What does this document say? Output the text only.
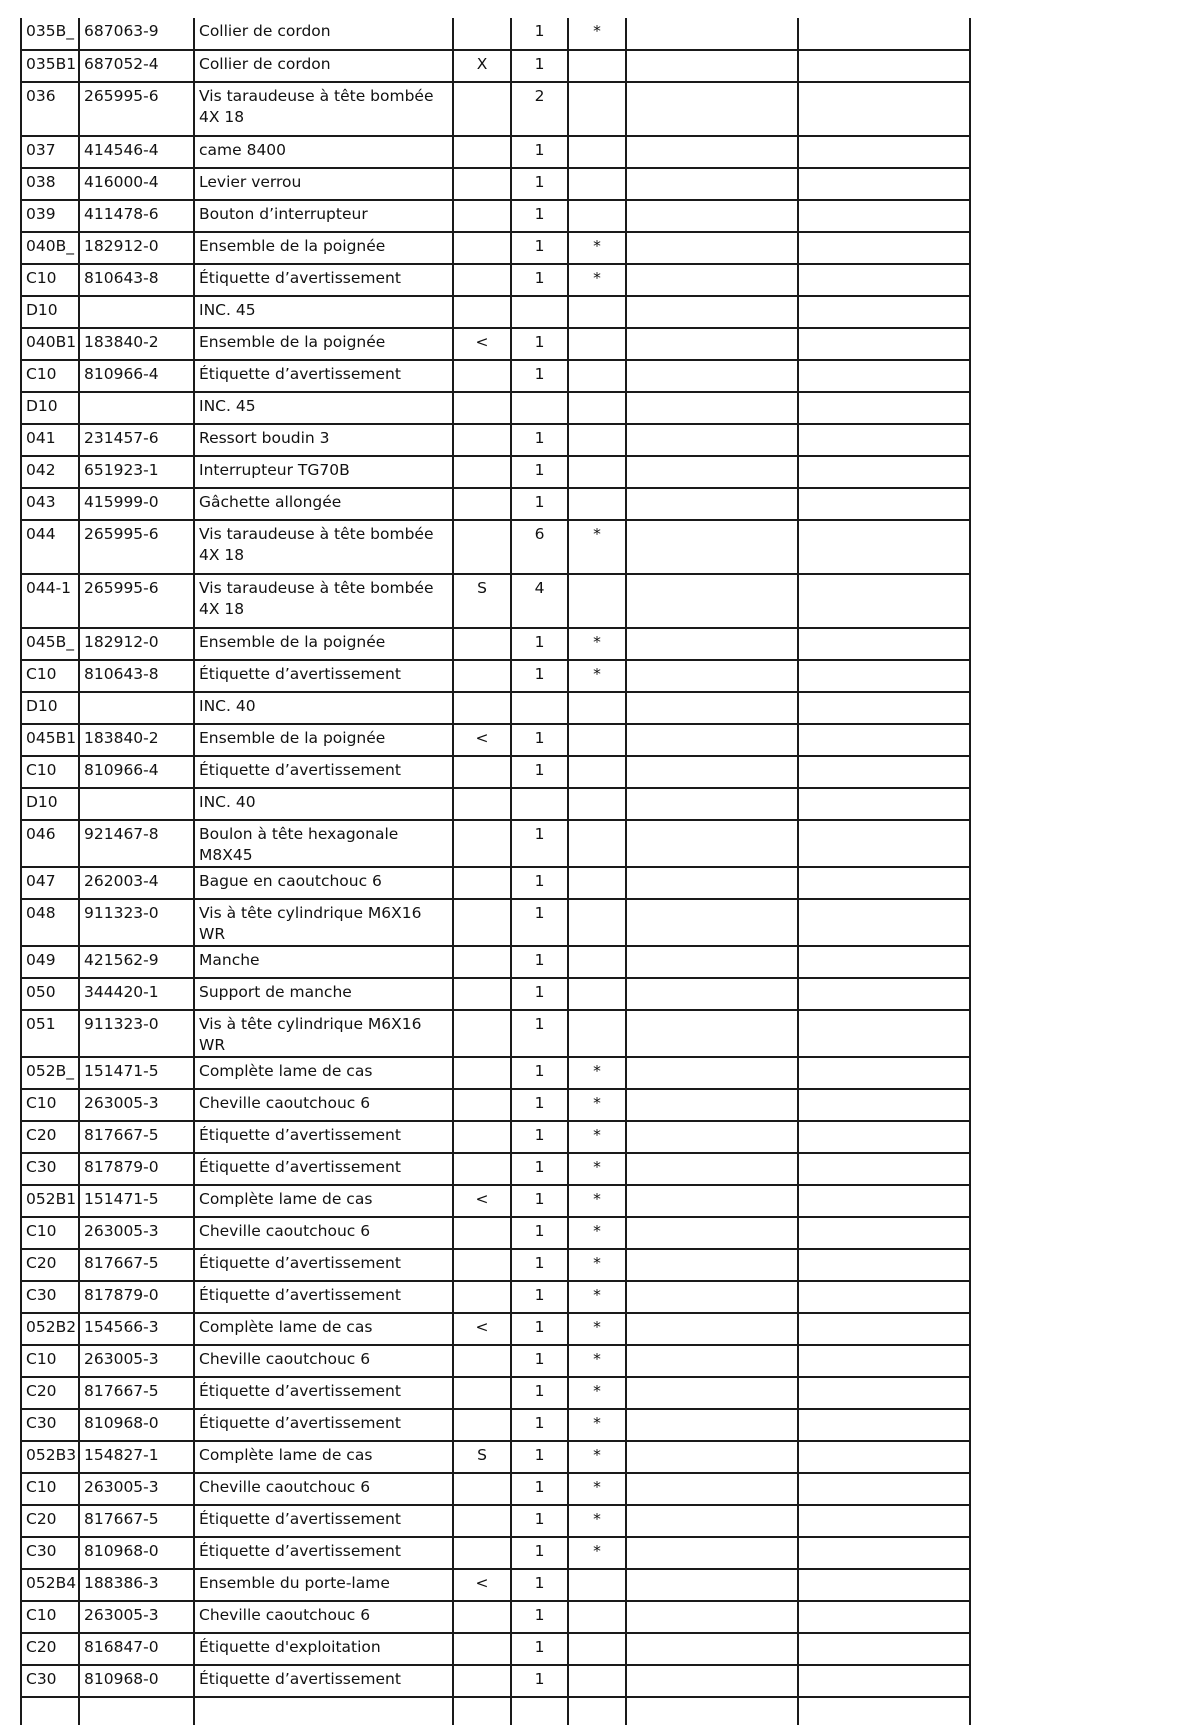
035B_	687063-9	Collier de cordon		1	*		
035B1	687052-4	Collier de cordon	X	1			
036	265995-6	Vis taraudeuse à tête bombée 4X 18		2			
037	414546-4	came 8400		1			
038	416000-4	Levier verrou		1			
039	411478-6	Bouton d’interrupteur		1			
040B_	182912-0	Ensemble de la poignée		1	*		
C10	810643-8	Étiquette d’avertissement		1	*		
D10		INC. 45					
040B1	183840-2	Ensemble de la poignée	<	1			
C10	810966-4	Étiquette d’avertissement		1			
D10		INC. 45					
041	231457-6	Ressort boudin 3		1			
042	651923-1	Interrupteur TG70B		1			
043	415999-0	Gâchette allongée		1			
044	265995-6	Vis taraudeuse à tête bombée 4X 18		6	*		
044-1	265995-6	Vis taraudeuse à tête bombée 4X 18	S	4			
045B_	182912-0	Ensemble de la poignée		1	*		
C10	810643-8	Étiquette d’avertissement		1	*		
D10		INC. 40					
045B1	183840-2	Ensemble de la poignée	<	1			
C10	810966-4	Étiquette d’avertissement		1			
D10		INC. 40					
046	921467-8	Boulon à tête hexagonale M8X45		1			
047	262003-4	Bague en caoutchouc 6		1			
048	911323-0	Vis à tête cylindrique M6X16 WR		1			
049	421562-9	Manche		1			
050	344420-1	Support de manche		1			
051	911323-0	Vis à tête cylindrique M6X16 WR		1			
052B_	151471-5	Complète lame de cas		1	*		
C10	263005-3	Cheville caoutchouc 6		1	*		
C20	817667-5	Étiquette d’avertissement		1	*		
C30	817879-0	Étiquette d’avertissement		1	*		
052B1	151471-5	Complète lame de cas	<	1	*		
C10	263005-3	Cheville caoutchouc 6		1	*		
C20	817667-5	Étiquette d’avertissement		1	*		
C30	817879-0	Étiquette d’avertissement		1	*		
052B2	154566-3	Complète lame de cas	<	1	*		
C10	263005-3	Cheville caoutchouc 6		1	*		
C20	817667-5	Étiquette d’avertissement		1	*		
C30	810968-0	Étiquette d’avertissement		1	*		
052B3	154827-1	Complète lame de cas	S	1	*		
C10	263005-3	Cheville caoutchouc 6		1	*		
C20	817667-5	Étiquette d’avertissement		1	*		
C30	810968-0	Étiquette d’avertissement		1	*		
052B4	188386-3	Ensemble du porte-lame	<	1			
C10	263005-3	Cheville caoutchouc 6		1			
C20	816847-0	Étiquette d'exploitation		1			
C30	810968-0	Étiquette d’avertissement		1			
